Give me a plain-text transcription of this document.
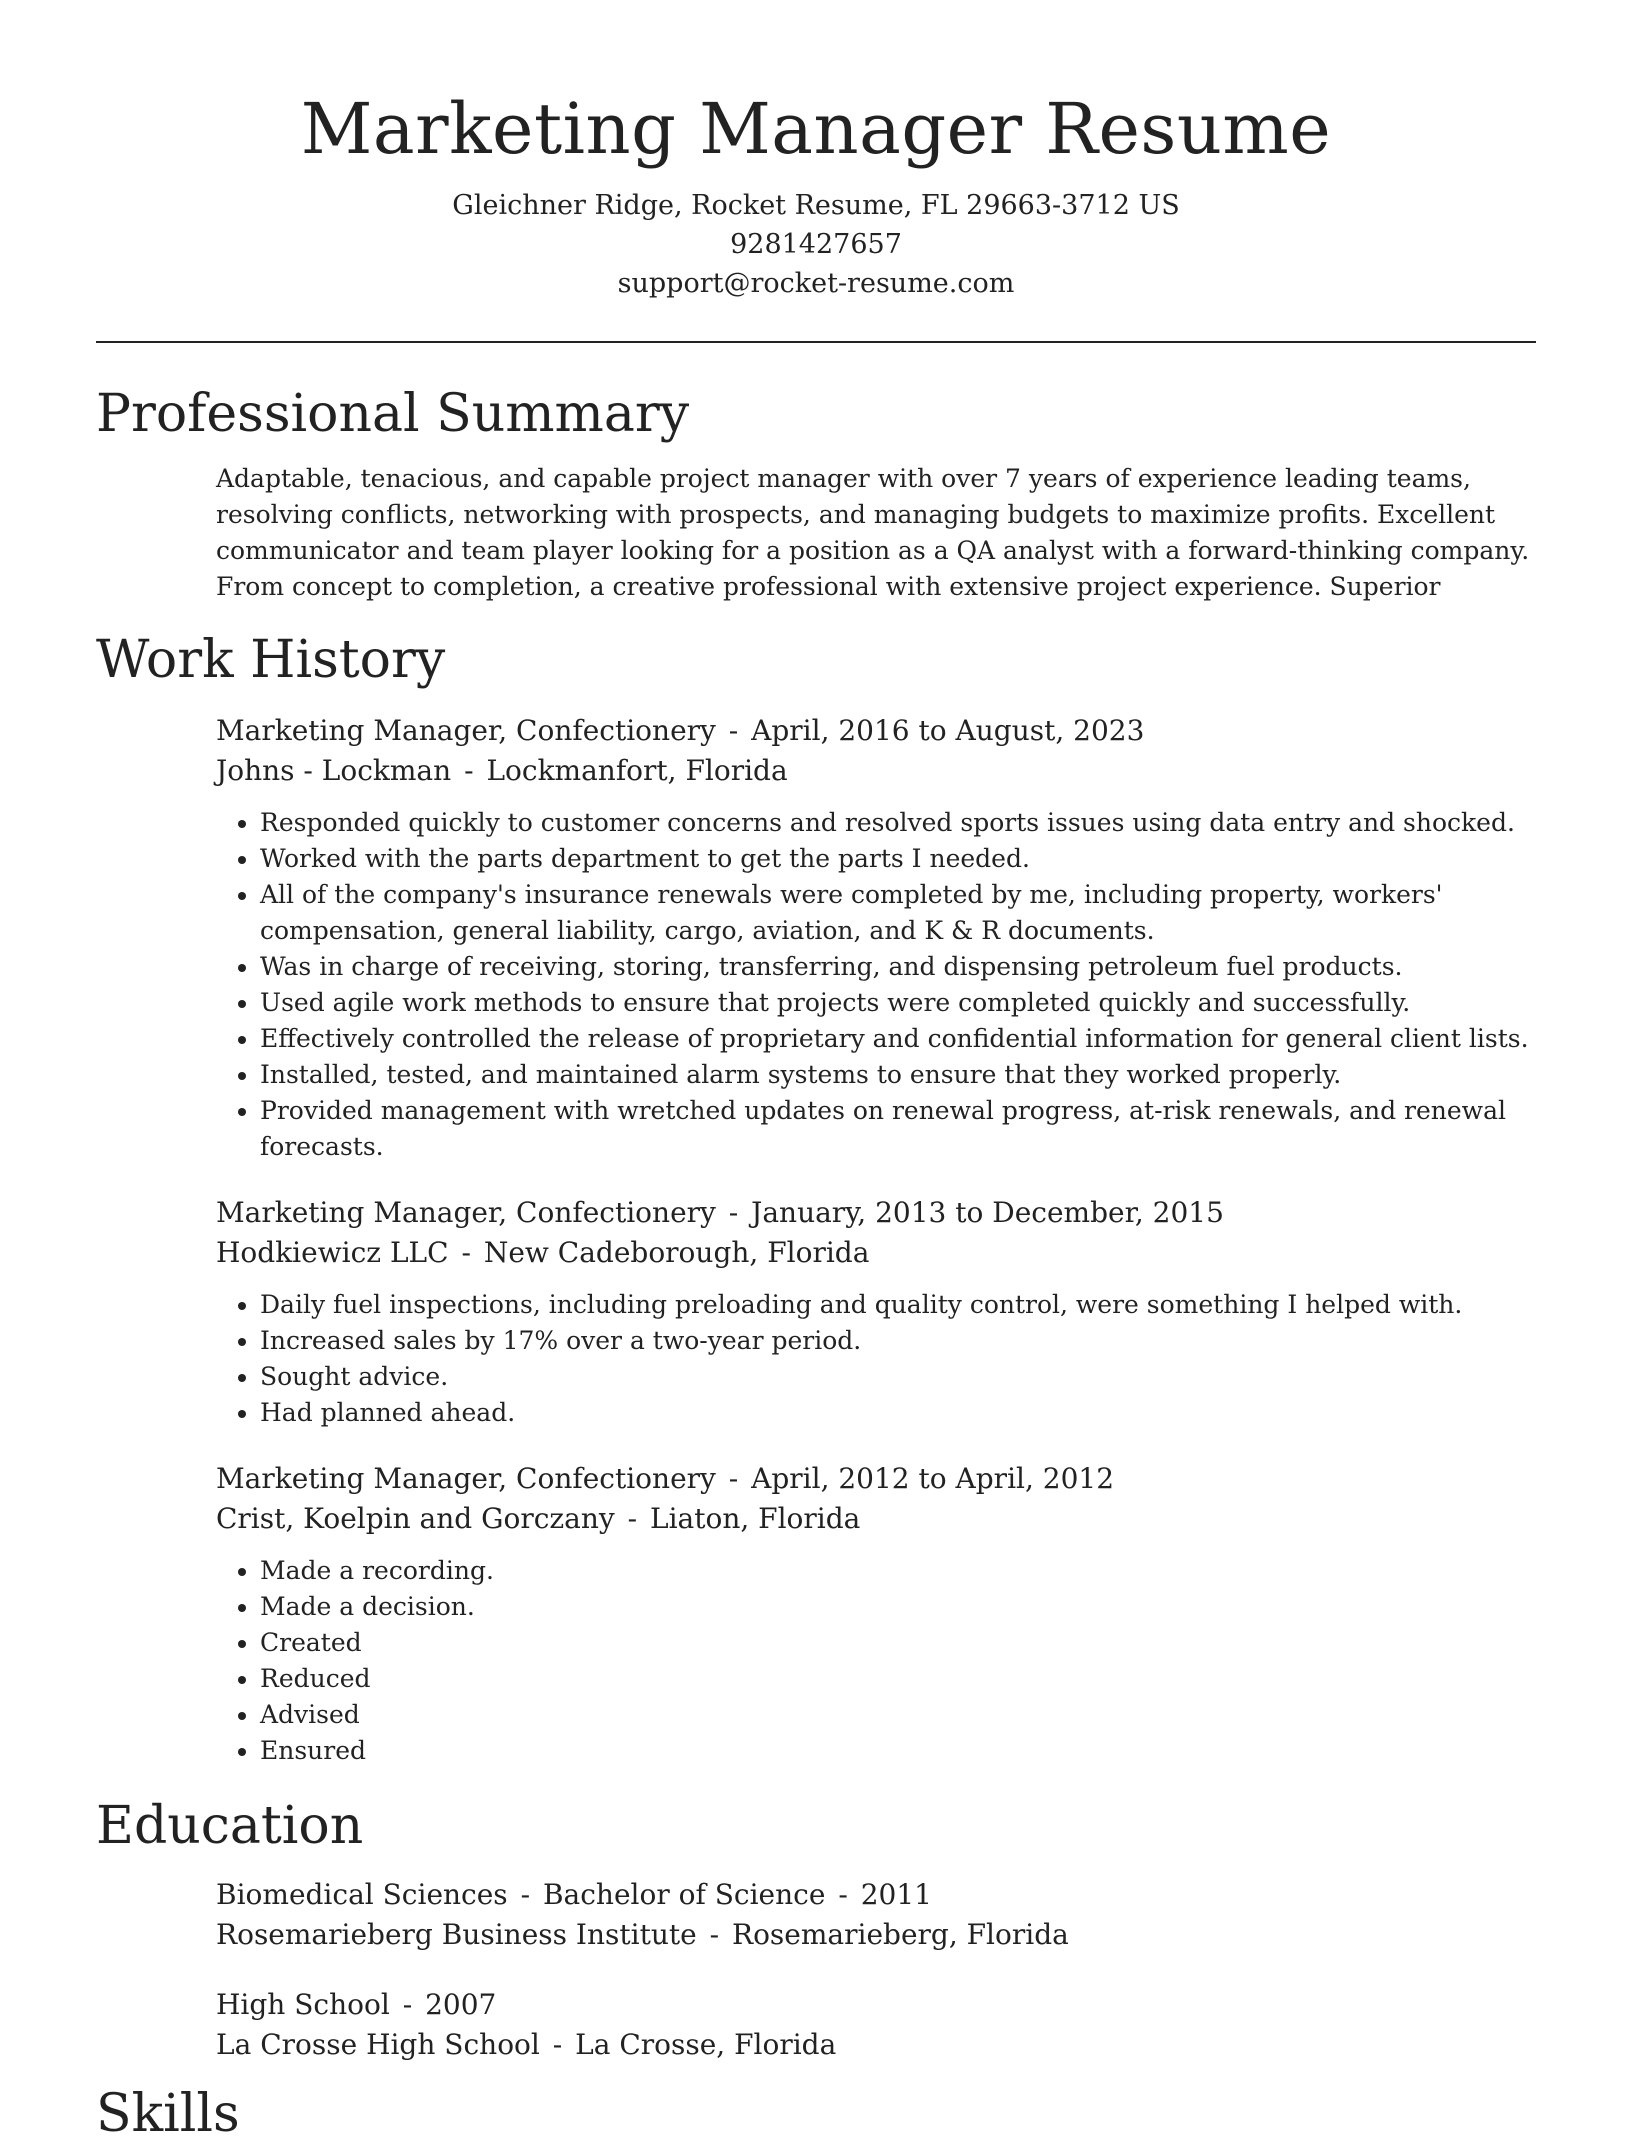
Marketing Manager Resume
Gleichner Ridge, Rocket Resume, FL 29663-3712 US
9281427657
support@rocket-resume.com
Professional Summary

Adaptable, tenacious, and capable project manager with over 7 years of experience leading teams, resolving conflicts, networking with prospects, and managing budgets to maximize profits. Excellent communicator and team player looking for a position as a QA analyst with a forward-thinking company. From concept to completion, a creative professional with extensive project experience. Superior

Work History
Marketing Manager, Confectionery - April, 2016 to August, 2023
Johns - Lockman - Lockmanfort, Florida
• Responded quickly to customer concerns and resolved sports issues using data entry and shocked.
• Worked with the parts department to get the parts I needed.
• All of the company's insurance renewals were completed by me, including property, workers' compensation, general liability, cargo, aviation, and K & R documents.
• Was in charge of receiving, storing, transferring, and dispensing petroleum fuel products.
• Used agile work methods to ensure that projects were completed quickly and successfully.
• Effectively controlled the release of proprietary and confidential information for general client lists.
• Installed, tested, and maintained alarm systems to ensure that they worked properly.
• Provided management with wretched updates on renewal progress, at-risk renewals, and renewal forecasts.
Marketing Manager, Confectionery - January, 2013 to December, 2015
Hodkiewicz LLC - New Cadeborough, Florida
• Daily fuel inspections, including preloading and quality control, were something I helped with.
• Increased sales by 17% over a two-year period.
• Sought advice.
• Had planned ahead.
Marketing Manager, Confectionery - April, 2012 to April, 2012
Crist, Koelpin and Gorczany - Liaton, Florida
• Made a recording.
• Made a decision.
• Created
• Reduced
• Advised
• Ensured
Education
Biomedical Sciences - Bachelor of Science - 2011
Rosemarieberg Business Institute - Rosemarieberg, Florida
High School - 2007
La Crosse High School - La Crosse, Florida
Skills
